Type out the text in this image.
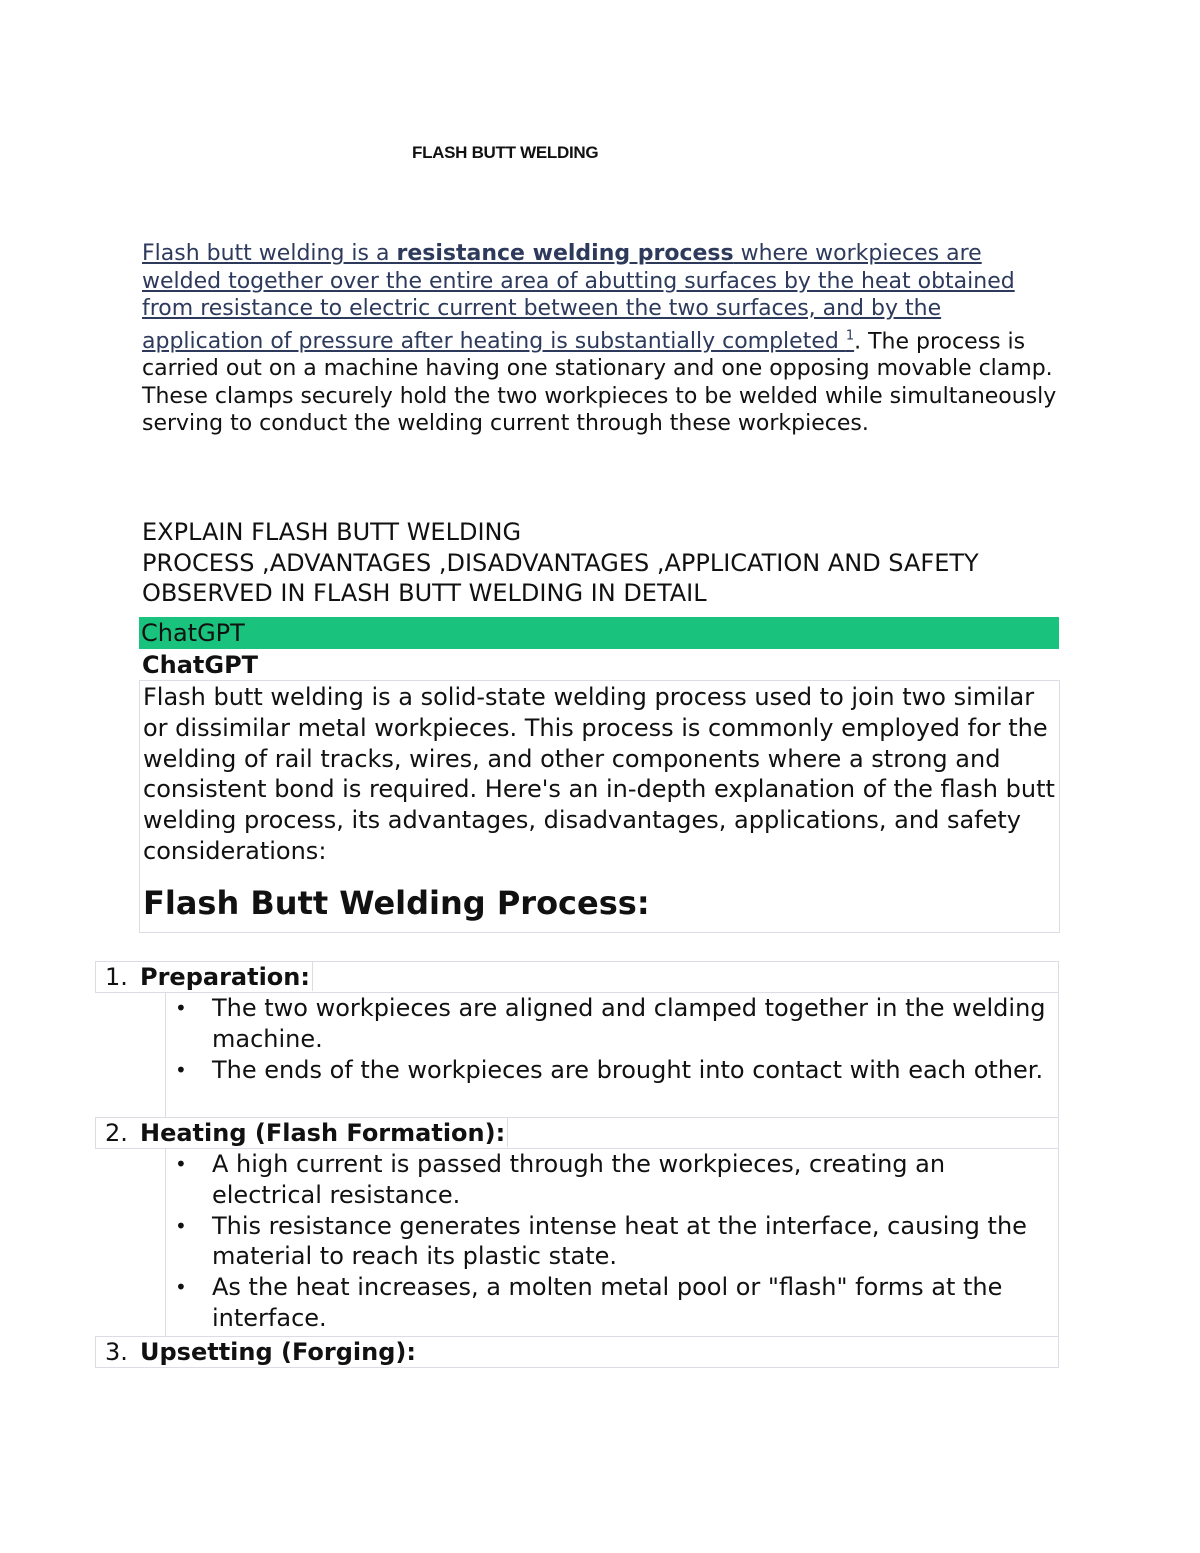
FLASH BUTT WELDING
Flash butt welding is a resistance welding process where workpieces are welded together over the entire area of abutting surfaces by the heat obtained from resistance to electric current between the two surfaces, and by the application of pressure after heating is substantially completed $^1$. The process is carried out on a machine having one stationary and one opposing movable clamp. These clamps securely hold the two workpieces to be welded while simultaneously serving to conduct the welding current through these workpieces.
EXPLAIN FLASH BUTT WELDING
PROCESS ,ADVANTAGES ,DISADVANTAGES ,APPLICATION AND SAFETY OBSERVED IN FLASH BUTT WELDING IN DETAIL
ChatGPT
ChatGPT

Flash butt welding is a solid-state welding process used to join two similar or dissimilar metal workpieces. This process is commonly employed for the welding of rail tracks, wires, and other components where a strong and consistent bond is required. Here's an in-depth explanation of the flash butt welding process, its advantages, disadvantages, applications, and safety considerations:

Flash Butt Welding Process:
1. Preparation:
• The two workpieces are aligned and clamped together in the welding machine.
• The ends of the workpieces are brought into contact with each other.
2. Heating (Flash Formation):
• A high current is passed through the workpieces, creating an electrical resistance.
• This resistance generates intense heat at the interface, causing the material to reach its plastic state.
• As the heat increases, a molten metal pool or "flash" forms at the interface.
3. Upsetting (Forging):
